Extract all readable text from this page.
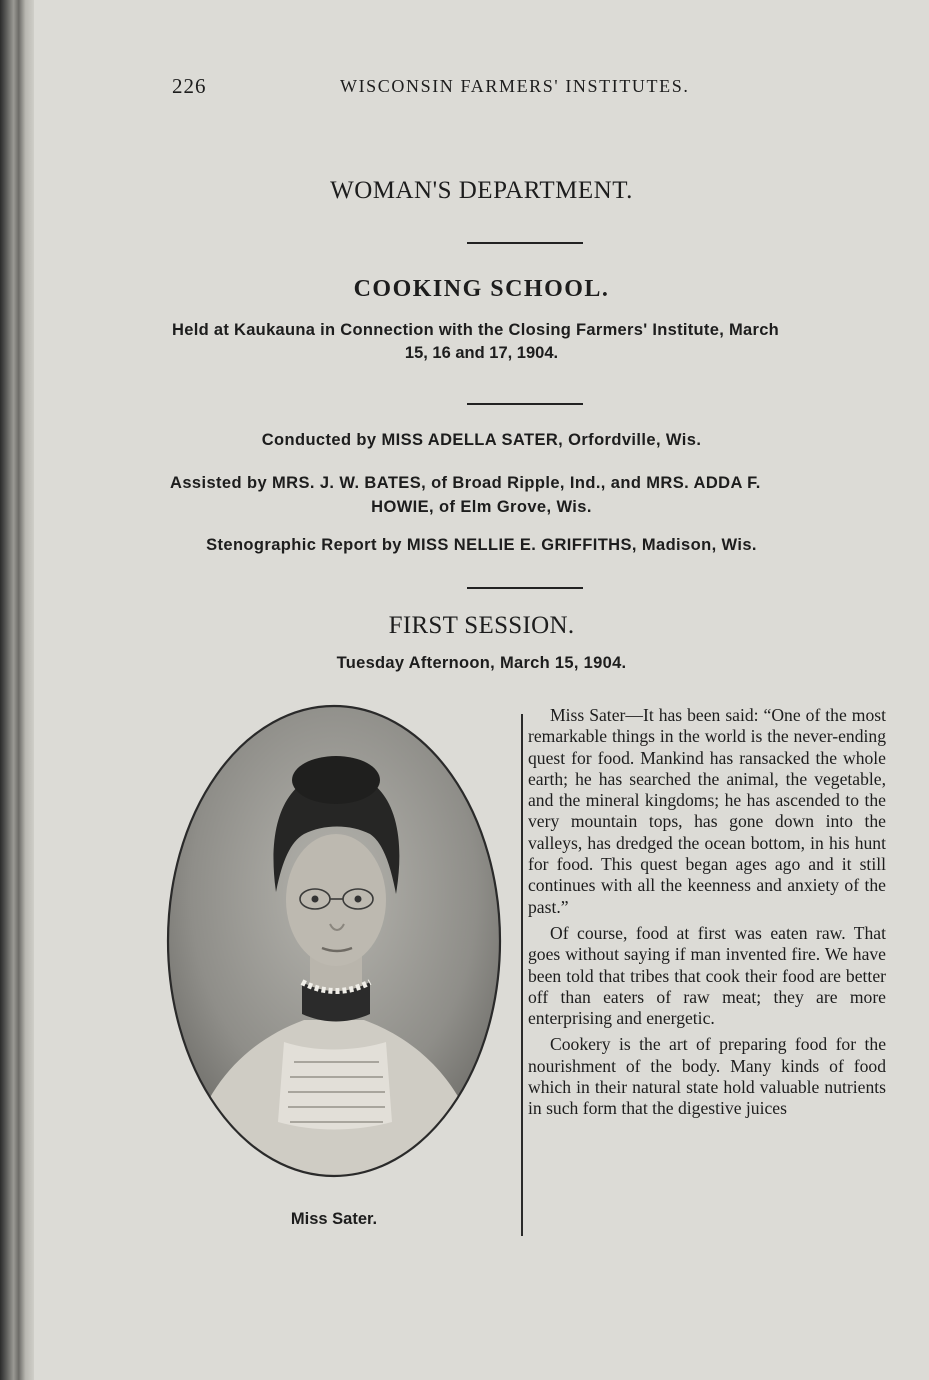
226	WISCONSIN FARMERS' INSTITUTES.
WOMAN'S DEPARTMENT.
COOKING SCHOOL.
Held at Kaukauna in Connection with the Closing Farmers' Institute, March
15, 16 and 17, 1904.
Conducted by MISS ADELLA SATER, Orfordville, Wis.
Assisted by MRS. J. W. BATES, of Broad Ripple, Ind., and MRS. ADDA F.
HOWIE, of Elm Grove, Wis.
Stenographic Report by MISS NELLIE E. GRIFFITHS, Madison, Wis.
FIRST SESSION.
Tuesday Afternoon, March 15, 1904.
Miss Sater.

Miss Sater—It has been said: “One of the most remarkable things in the world is the never-ending quest for food. Mankind has ransacked the whole earth; he has searched the animal, the vegetable, and the mineral kingdoms; he has ascended to the very mountain tops, has gone down into the valleys, has dredged the ocean bottom, in his hunt for food. This quest began ages ago and it still continues with all the keenness and anxiety of the past.”

Of course, food at first was eaten raw. That goes without saying if man invented fire. We have been told that tribes that cook their food are better off than eaters of raw meat; they are more enterprising and energetic.

Cookery is the art of preparing food for the nourishment of the body. Many kinds of food which in their natural state hold valuable nutrients in such form that the digestive juices
